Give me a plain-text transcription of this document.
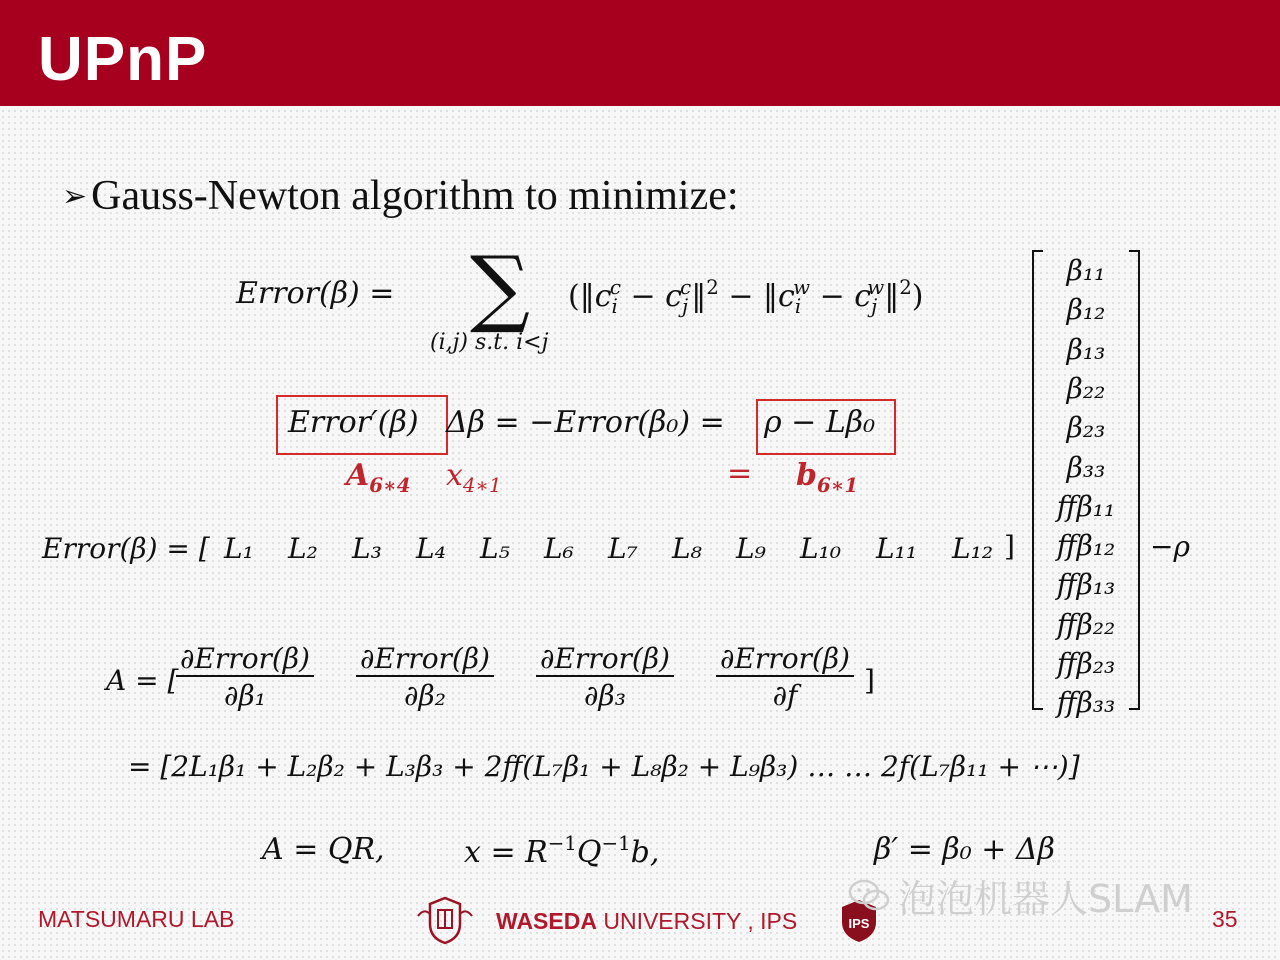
UPnP
➢ Gauss-Newton algorithm to minimize:
Error(β) = ∑
(i,j) s.t. i<j
($‖c_i^c$ − $c_j^c‖^2$ − $‖c_i^w$ − $c_j^w‖^2$)
Error′(β) Δβ = −Error(β₀) = ρ − Lβ₀
$A_{6∗4}$ $x_{4∗1}$	= $b_{6∗1}$
Error(β) = [ L₁ L₂ L₃ L₄ L₅ L₆ L₇ L₈ L₉ L₁₀ L₁₁ L₁₂ ]	−ρ
β₁₁
β₁₂
β₁₃
β₂₂
β₂₃
β₃₃
ffβ₁₁
ffβ₁₂
ffβ₁₃
ffβ₂₂
ffβ₂₃
ffβ₃₃
A = [
∂Error(β)
∂β₁
∂Error(β)
∂β₂
∂Error(β)
∂β₃
∂Error(β)
∂f	]
= [2L₁β₁ + L₂β₂ + L₃β₃ + 2ff(L₇β₁ + L₈β₂ + L₉β₃) … … 2f(L₇β₁₁ + ⋯)]
A = QR,	$x = R^{-1}Q^{-1}b$,	β′ = β₀ + Δβ
MATSUMARU LAB	WASEDA UNIVERSITY , IPS	IPS
泡泡机器人SLAM 35
